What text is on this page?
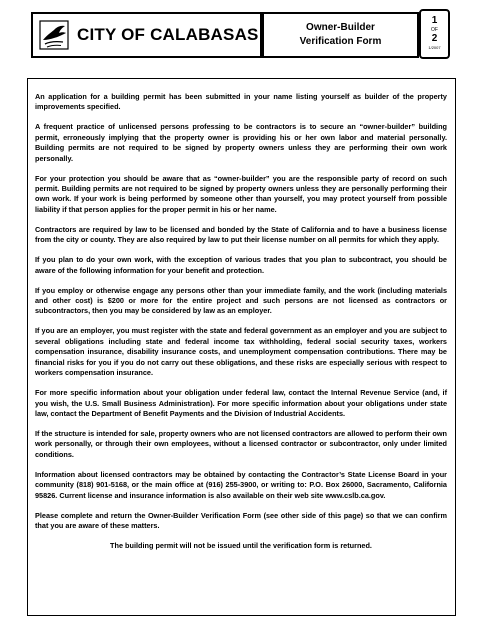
CITY OF CALABASAS	Owner-Builder
Verification Form
1
OF
2
1/2007

An application for a building permit has been submitted in your name listing yourself as builder of the property improvements specified.

A frequent practice of unlicensed persons professing to be contractors is to secure an “owner-builder” building permit, erroneously implying that the property owner is providing his or her own labor and material personally. Building permits are not required to be signed by property owners unless they are performing their own work personally.

For your protection you should be aware that as “owner-builder” you are the responsible party of record on such permit. Building permits are not required to be signed by property owners unless they are personally performing their own work. If your work is being performed by someone other than yourself, you may protect yourself from possible liability if that person applies for the proper permit in his or her name.

Contractors are required by law to be licensed and bonded by the State of California and to have a business license from the city or county. They are also required by law to put their license number on all permits for which they apply.

If you plan to do your own work, with the exception of various trades that you plan to subcontract, you should be aware of the following information for your benefit and protection.

If you employ or otherwise engage any persons other than your immediate family, and the work (including materials and other cost) is $200 or more for the entire project and such persons are not licensed as contractors or subcontractors, then you may be considered by law as an employer.

If you are an employer, you must register with the state and federal government as an employer and you are subject to several obligations including state and federal income tax withholding, federal social security taxes, workers compensation insurance, disability insurance costs, and unemployment compensation contributions. There may be financial risks for you if you do not carry out these obligations, and these risks are especially serious with respect to workers compensation insurance.

For more specific information about your obligation under federal law, contact the Internal Revenue Service (and, if you wish, the U.S. Small Business Administration). For more specific information about your obligations under state law, contact the Department of Benefit Payments and the Division of Industrial Accidents.

If the structure is intended for sale, property owners who are not licensed contractors are allowed to perform their own work personally, or through their own employees, without a licensed contractor or subcontractor, only under limited conditions.

Information about licensed contractors may be obtained by contacting the Contractor’s State License Board in your community (818) 901-5168, or the main office at (916) 255-3900, or writing to: P.O. Box 26000, Sacramento, California 95826. Current license and insurance information is also available on their web site www.cslb.ca.gov.

Please complete and return the Owner-Builder Verification Form (see other side of this page) so that we can confirm that you are aware of these matters.

The building permit will not be issued until the verification form is returned.
